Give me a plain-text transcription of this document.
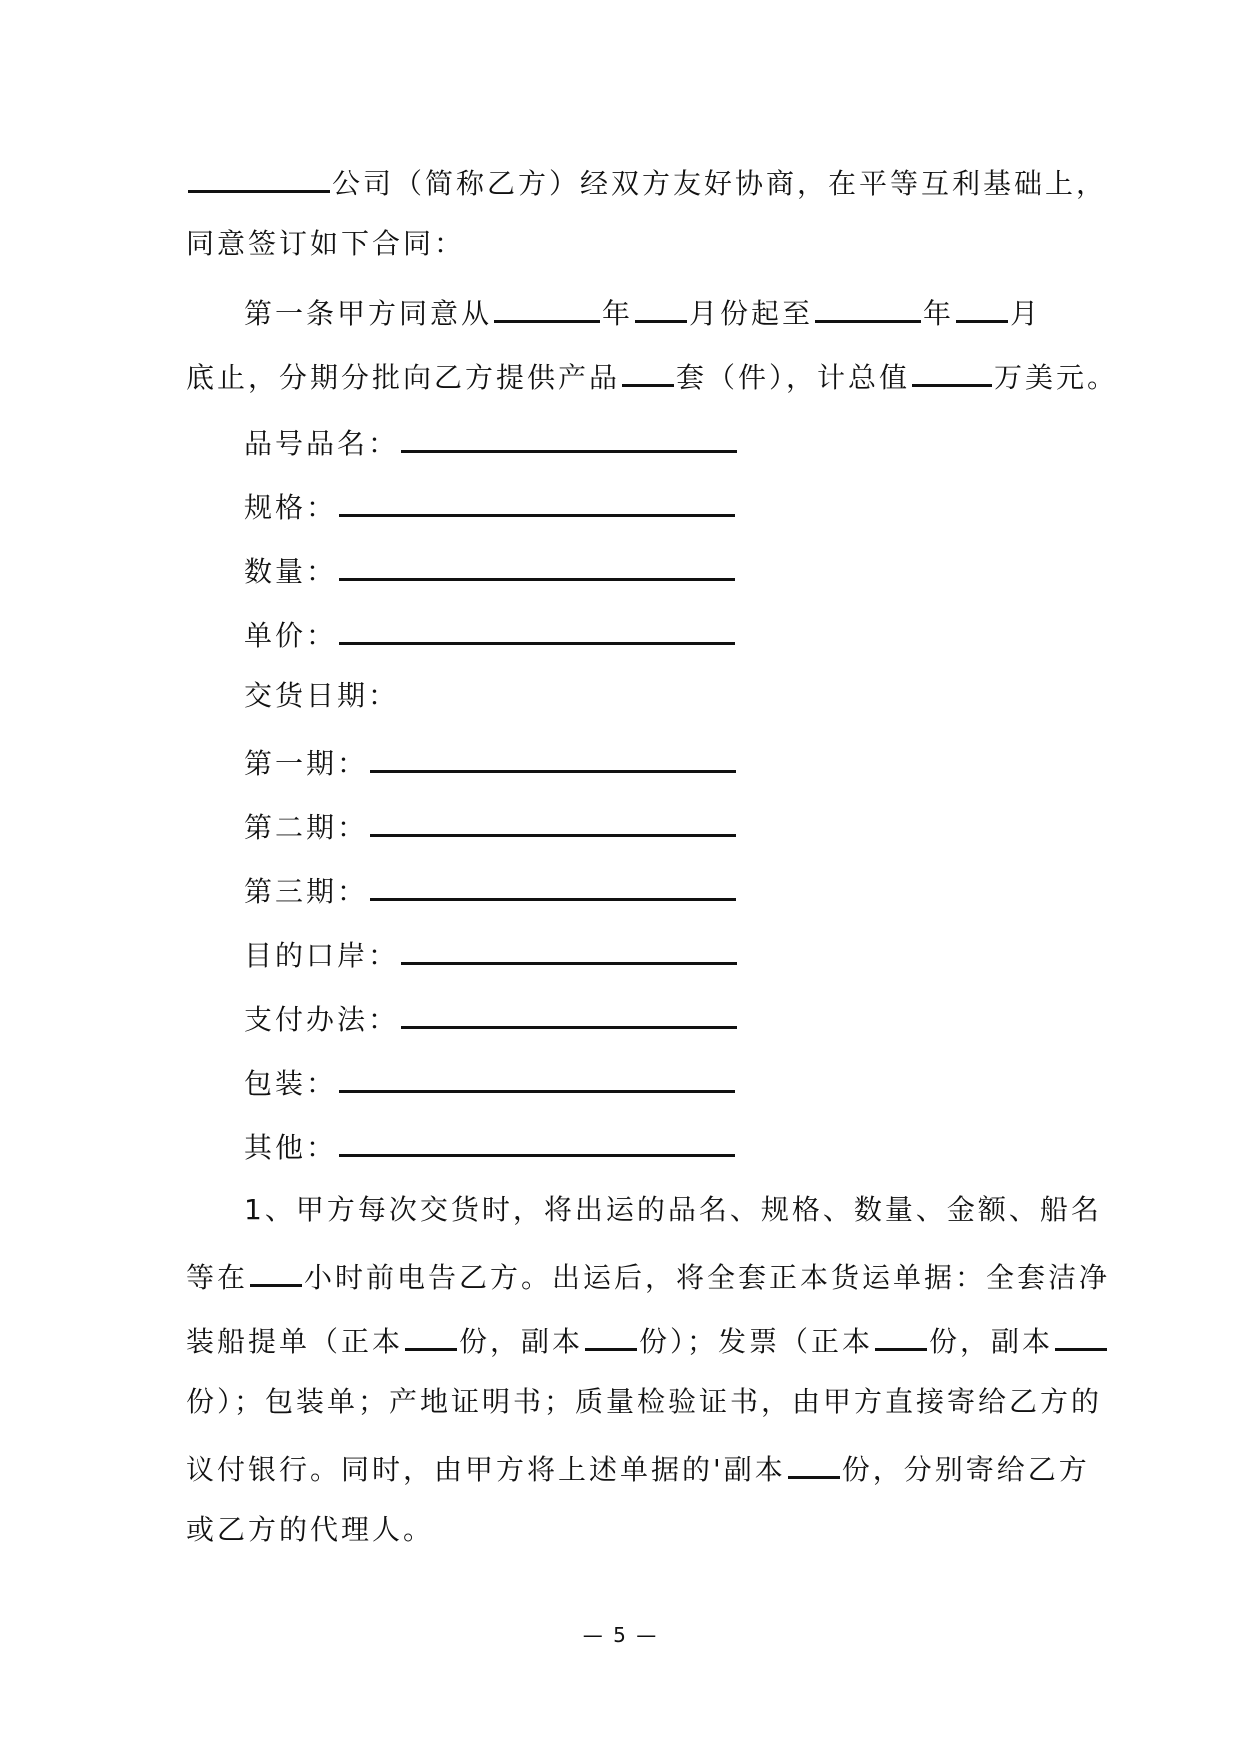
公司（简称乙方）经双方友好协商，在平等互利基础上，
同意签订如下合同：
第一条甲方同意从	年 月份起至	年 月
底止，分期分批向乙方提供产品 套（件），计总值	万美元。
品号品名：
规格：
数量：
单价：
交货日期：
第一期：
第二期：
第三期：
目的口岸：
支付办法：
包装：
其他：
1、甲方每次交货时，将出运的品名、规格、数量、金额、船名
等在 小时前电告乙方。出运后，将全套正本货运单据：全套洁净
装船提单（正本 份，副本 份）；发票（正本 份，副本
份）；包装单；产地证明书；质量检验证书，由甲方直接寄给乙方的
议付银行。同时，由甲方将上述单据的'副本 份，分别寄给乙方
或乙方的代理人。
— 5 —
